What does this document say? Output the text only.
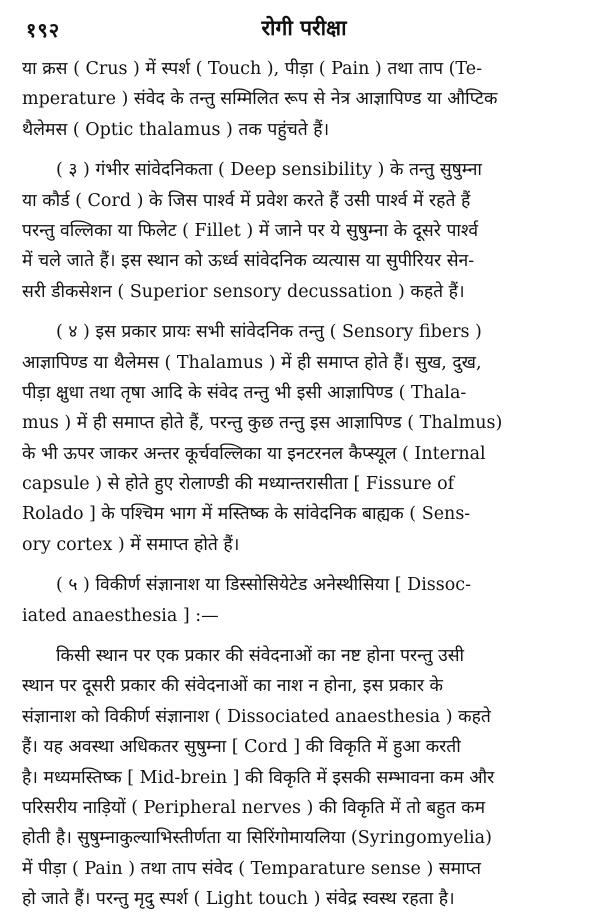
१९२	रोगी परीक्षा
या क्रस ( Crus ) में स्पर्श ( Touch ), पीड़ा ( Pain ) तथा ताप (Te-
mperature ) संवेद के तन्तु सम्मिलित रूप से नेत्र आज्ञापिण्ड या औप्टिक
थैलेमस ( Optic thalamus ) तक पहुंचते हैं।
( ३ ) गंभीर सांवेदनिकता ( Deep sensibility ) के तन्तु सुषुम्ना
या कौर्ड ( Cord ) के जिस पार्श्व में प्रवेश करते हैं उसी पार्श्व में रहते हैं
परन्तु वल्लिका या फिलेट ( Fillet ) में जाने पर ये सुषुम्ना के दूसरे पार्श्व
में चले जाते हैं। इस स्थान को ऊर्ध्व सांवेदनिक व्यत्यास या सुपीरियर सेन-
सरी डीकसेशन ( Superior sensory decussation ) कहते हैं।
( ४ ) इस प्रकार प्रायः सभी सांवेदनिक तन्तु ( Sensory fibers )
आज्ञापिण्ड या थैलेमस ( Thalamus ) में ही समाप्त होते हैं। सुख, दुख,
पीड़ा क्षुधा तथा तृषा आदि के संवेद तन्तु भी इसी आज्ञापिण्ड ( Thala-
mus ) में ही समाप्त होते हैं, परन्तु कुछ तन्तु इस आज्ञापिण्ड ( Thalmus)
के भी ऊपर जाकर अन्तर कूर्चवल्लिका या इनटरनल कैप्स्यूल ( Internal
capsule ) से होते हुए रोलाण्डी की मध्यान्तरासीता [ Fissure of
Rolado ] के पश्चिम भाग में मस्तिष्क के सांवेदनिक बाह्यक ( Sens-
ory cortex ) में समाप्त होते हैं।
( ५ ) विकीर्ण संज्ञानाश या डिस्सोसियेटेड अनेस्थीसिया [ Dissoc-
iated anaesthesia ] :—
किसी स्थान पर एक प्रकार की संवेदनाओं का नष्ट होना परन्तु उसी
स्थान पर दूसरी प्रकार की संवेदनाओं का नाश न होना, इस प्रकार के
संज्ञानाश को विकीर्ण संज्ञानाश ( Dissociated anaesthesia ) कहते
हैं। यह अवस्था अधिकतर सुषुम्ना [ Cord ] की विकृति में हुआ करती
है। मध्यमस्तिष्क [ Mid-brein ] की विकृति में इसकी सम्भावना कम और
परिसरीय नाड़ियों ( Peripheral nerves ) की विकृति में तो बहुत कम
होती है। सुषुम्नाकुल्याभिस्तीर्णता या सिरिंगोमायलिया (Syringomyelia)
में पीड़ा ( Pain ) तथा ताप संवेद ( Temparature sense ) समाप्त
हो जाते हैं। परन्तु मृदु स्पर्श ( Light touch ) संवेद्र स्वस्थ रहता है।
